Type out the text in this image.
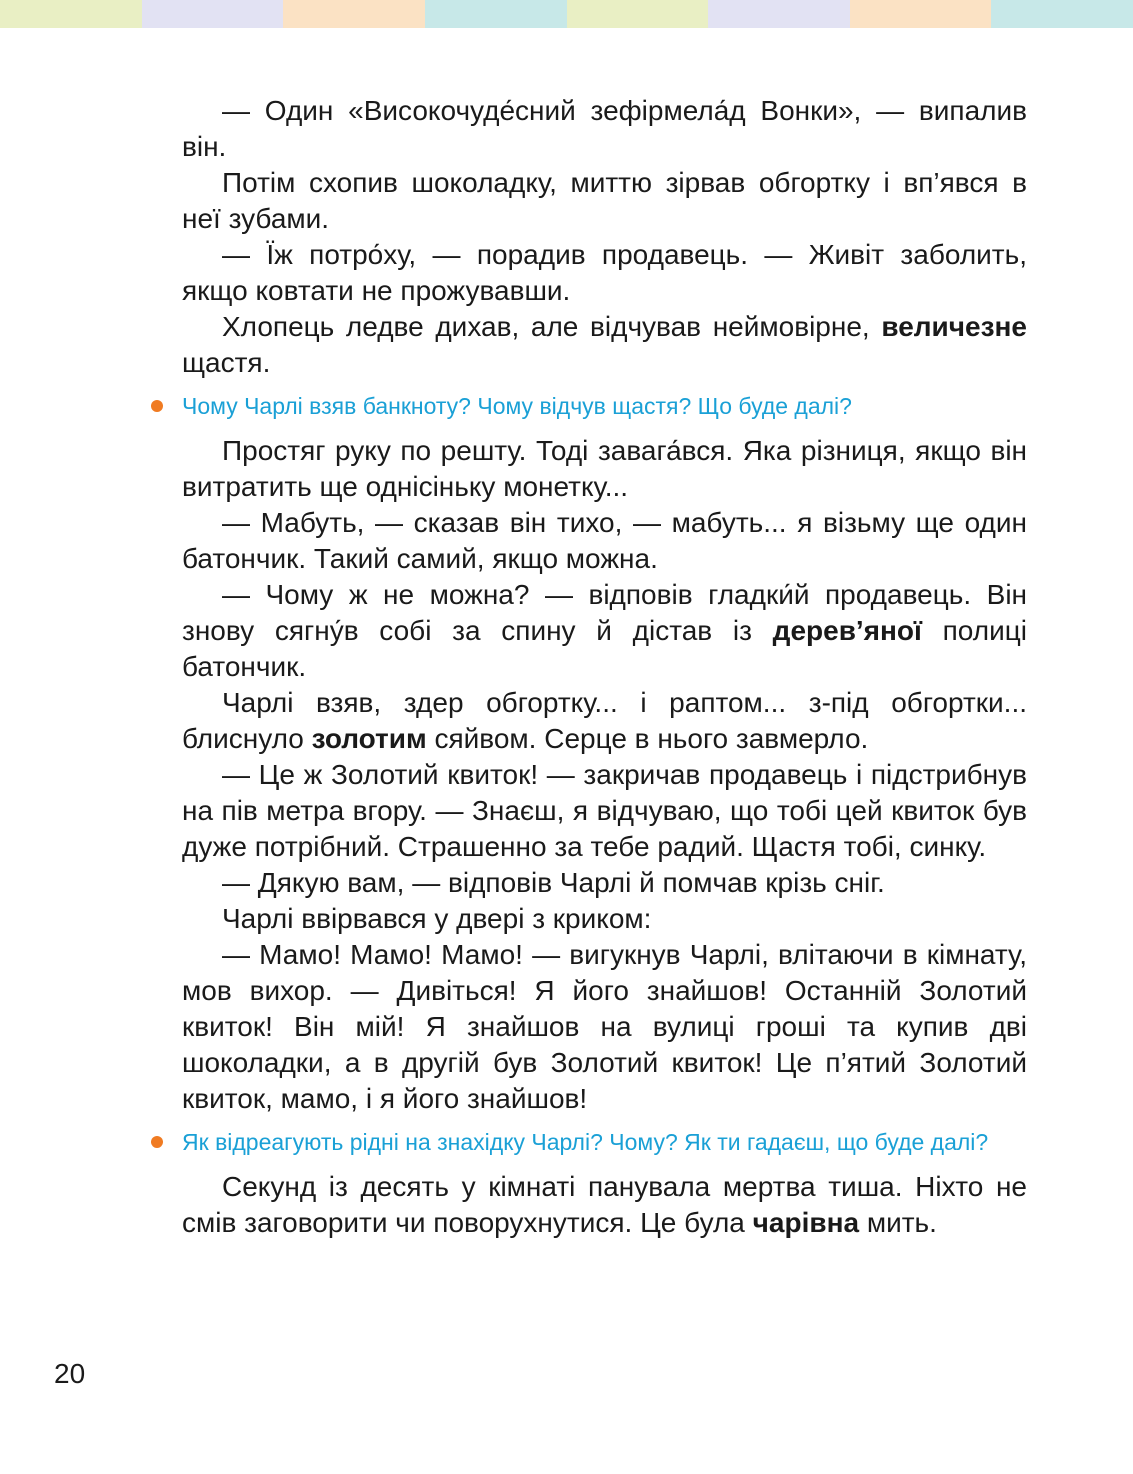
— Один «Високочуде́сний зефірмела́д Вонки», — випалив він.

Потім схопив шоколадку, миттю зірвав обгортку і вп’явся в неї зубами.

— Їж потро́ху, — порадив продавець. — Живіт заболить, якщо ковтати не прожувавши.

Хлопець ледве дихав, але відчував неймовірне, величезне щастя.

Чому Чарлі взяв банкноту? Чому відчув щастя? Що буде далі?

Простяг руку по решту. Тоді завага́вся. Яка різниця, якщо він витратить ще однісіньку монетку...

— Мабуть, — сказав він тихо, — мабуть... я візьму ще один батончик. Такий самий, якщо можна.

— Чому ж не можна? — відповів гладки́й продавець. Він знову сягну́в собі за спину й дістав із дерев’яної полиці батончик.

Чарлі взяв, здер обгортку... і раптом... з-під обгортки... блиснуло золотим сяйвом. Серце в нього завмерло.

— Це ж Золотий квиток! — закричав продавець і підстрибнув на пів метра вгору. — Знаєш, я відчуваю, що тобі цей квиток був дуже потрібний. Страшенно за тебе радий. Щастя тобі, синку.

— Дякую вам, — відповів Чарлі й помчав крізь сніг.

Чарлі ввірвався у двері з криком:

— Мамо! Мамо! Мамо! — вигукнув Чарлі, влітаючи в кімнату, мов вихор. — Дивіться! Я його знайшов! Останній Золотий квиток! Він мій! Я знайшов на вулиці гроші та купив дві шоколадки, а в другій був Золотий квиток! Це п’ятий Золотий квиток, мамо, і я його знайшов!

Як відреагують рідні на знахідку Чарлі? Чому? Як ти гадаєш, що буде далі?

Секунд із десять у кімнаті панувала мертва тиша. Ніхто не смів заговорити чи поворухнутися. Це була чарівна мить.

20
